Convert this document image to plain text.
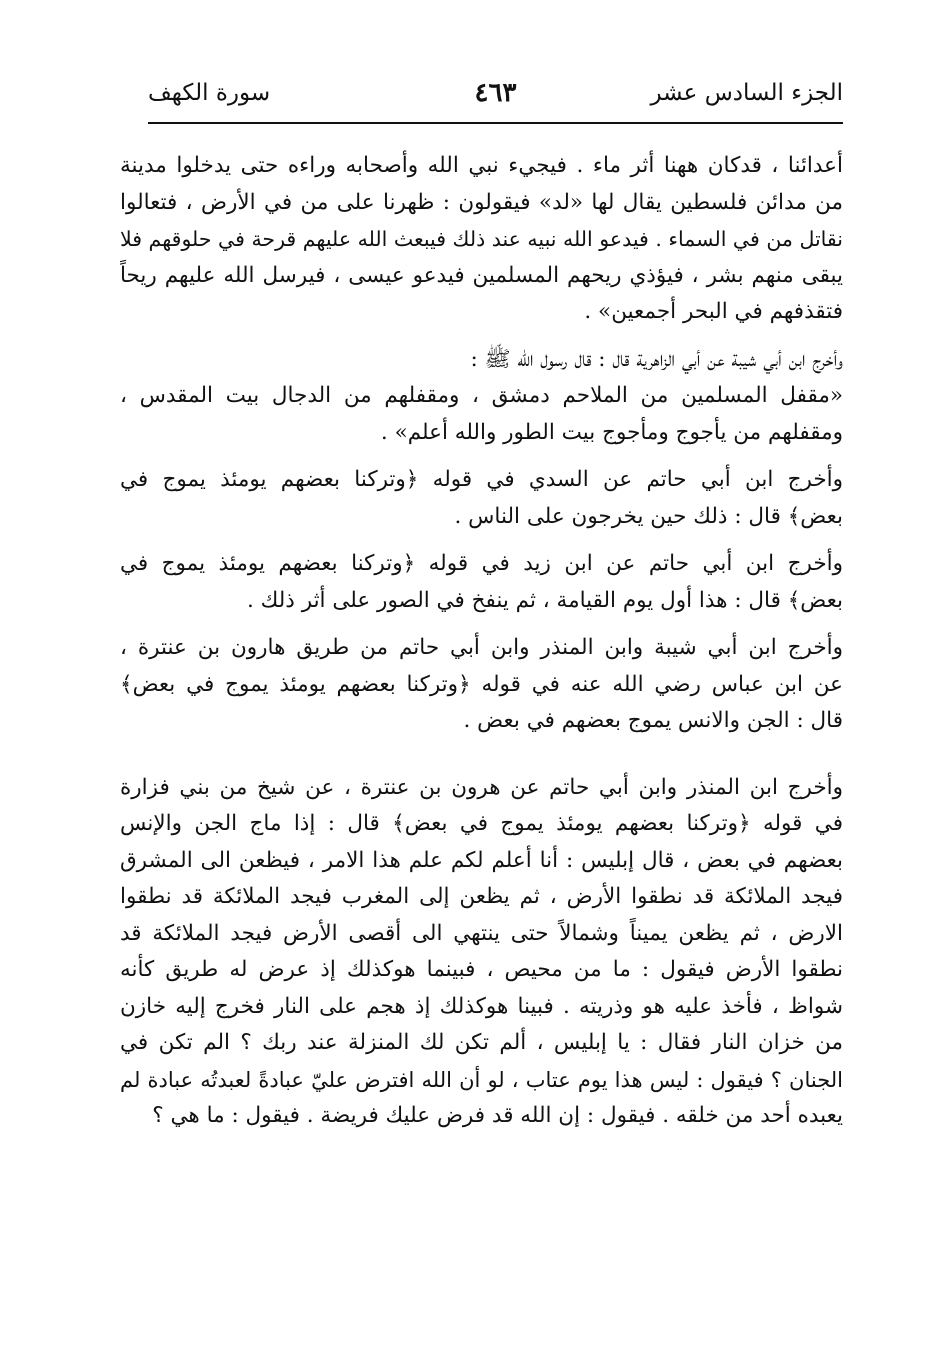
الجزء السادس عشر
٤٦٣
سورة الكهف

أعدائنا ، قدكان ههنا أثر ماء . فيجيء نبي الله وأصحابه وراءه حتى يدخلوا مدينة

من مدائن فلسطين يقال لها «لد» فيقولون : ظهرنا على من في الأرض ، فتعالوا

نقاتل من في السماء . فيدعو الله نبيه عند ذلك فيبعث الله عليهم قرحة في حلوقهم فلا

يبقى منهم بشر ، فيؤذي ريحهم المسلمين فيدعو عيسى ، فيرسل الله عليهم ريحاً

فتقذفهم في البحر أجمعين» .

وأخرج ابن أبي شيبة عن أبي الزاهرية قال : قال رسول الله ﷺ :

«مقفل المسلمين من الملاحم دمشق ، ومقفلهم من الدجال بيت المقدس ،

ومقفلهم من يأجوج ومأجوج بيت الطور والله أعلم» .

وأخرج ابن أبي حاتم عن السدي في قوله ﴿وتركنا بعضهم يومئذ يموج في

بعض﴾ قال : ذلك حين يخرجون على الناس .

وأخرج ابن أبي حاتم عن ابن زيد في قوله ﴿وتركنا بعضهم يومئذ يموج في

بعض﴾ قال : هذا أول يوم القيامة ، ثم ينفخ في الصور على أثر ذلك .

وأخرج ابن أبي شيبة وابن المنذر وابن أبي حاتم من طريق هارون بن عنترة ،

عن ابن عباس رضي الله عنه في قوله ﴿وتركنا بعضهم يومئذ يموج في بعض﴾

قال : الجن والانس يموج بعضهم في بعض .

وأخرج ابن المنذر وابن أبي حاتم عن هرون بن عنترة ، عن شيخ من بني فزارة

في قوله ﴿وتركنا بعضهم يومئذ يموج في بعض﴾ قال : إذا ماج الجن والإنس

بعضهم في بعض ، قال إبليس : أنا أعلم لكم علم هذا الامر ، فيظعن الى المشرق

فيجد الملائكة قد نطقوا الأرض ، ثم يظعن إلى المغرب فيجد الملائكة قد نطقوا

الارض ، ثم يظعن يميناً وشمالاً حتى ينتهي الى أقصى الأرض فيجد الملائكة قد

نطقوا الأرض فيقول : ما من محيص ، فبينما هوكذلك إذ عرض له طريق كأنه

شواظ ، فأخذ عليه هو وذريته . فبينا هوكذلك إذ هجم على النار فخرج إليه خازن

من خزان النار فقال : يا إبليس ، ألم تكن لك المنزلة عند ربك ؟ الم تكن في

الجنان ؟ فيقول : ليس هذا يوم عتاب ، لو أن الله افترض عليّ عبادةً لعبدتُه عبادة لم

يعبده أحد من خلقه . فيقول : إن الله قد فرض عليك فريضة . فيقول : ما هي ؟
